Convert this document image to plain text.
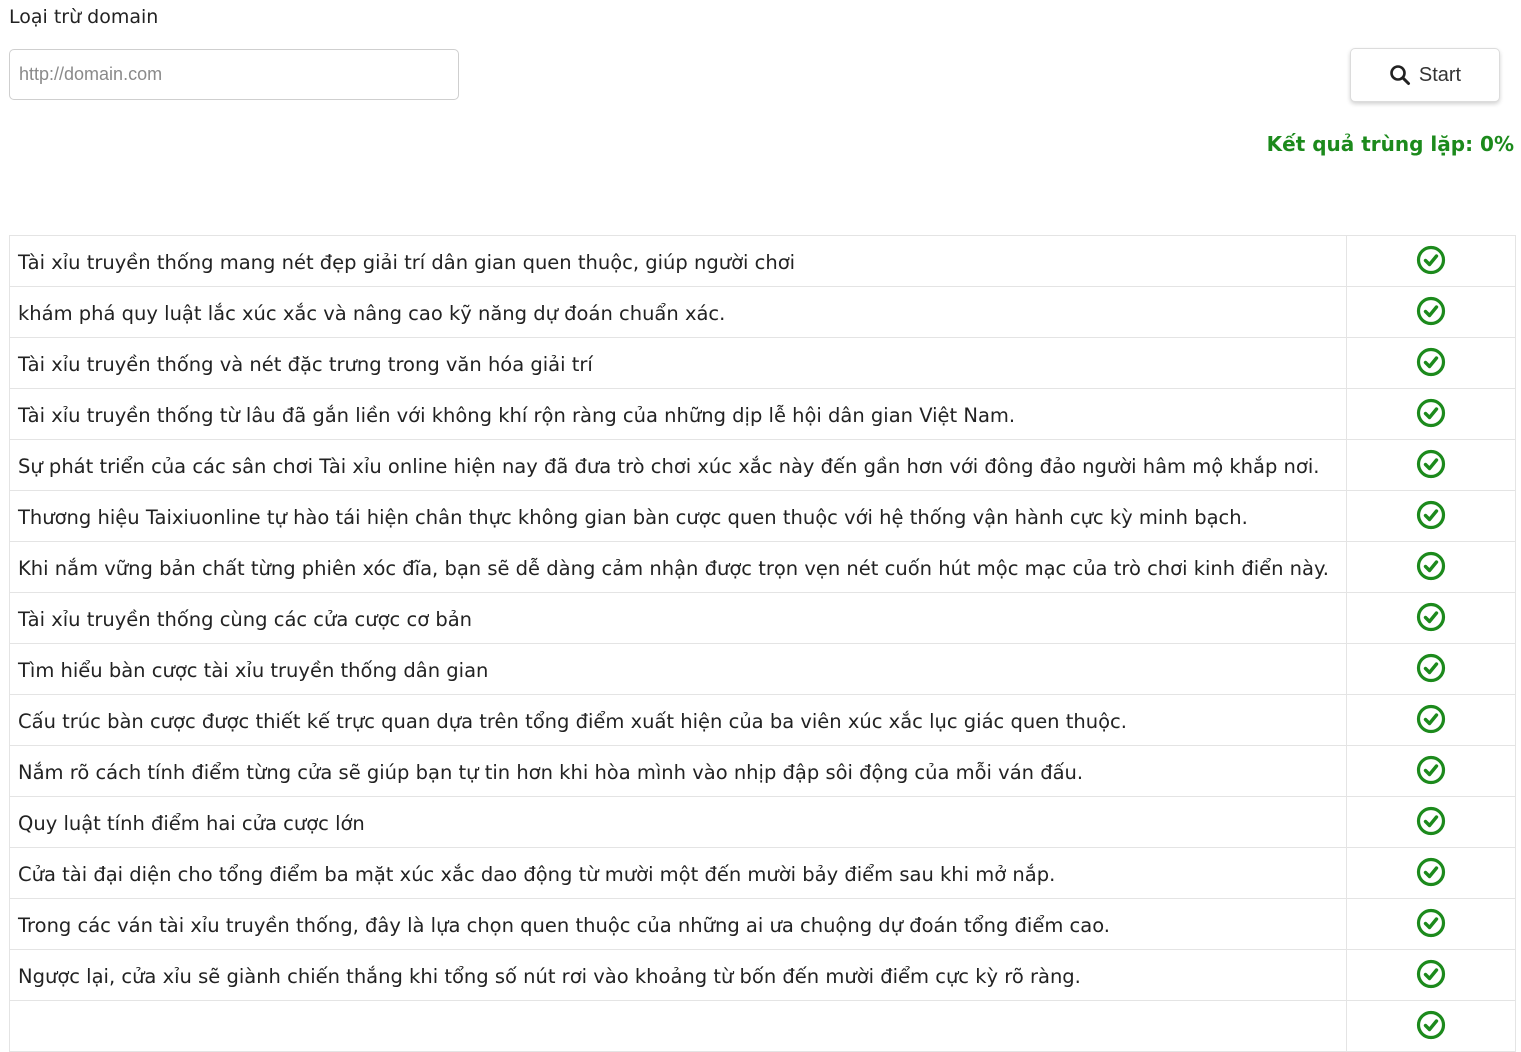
Loại trừ domain
http://domain.com
Start
Kết quả trùng lặp: 0%
Tài xỉu truyền thống mang nét đẹp giải trí dân gian quen thuộc, giúp người chơi	
khám phá quy luật lắc xúc xắc và nâng cao kỹ năng dự đoán chuẩn xác.	
Tài xỉu truyền thống và nét đặc trưng trong văn hóa giải trí	
Tài xỉu truyền thống từ lâu đã gắn liền với không khí rộn ràng của những dịp lễ hội dân gian Việt Nam.	
Sự phát triển của các sân chơi Tài xỉu online hiện nay đã đưa trò chơi xúc xắc này đến gần hơn với đông đảo người hâm mộ khắp nơi.	
Thương hiệu Taixiuonline tự hào tái hiện chân thực không gian bàn cược quen thuộc với hệ thống vận hành cực kỳ minh bạch.	
Khi nắm vững bản chất từng phiên xóc đĩa, bạn sẽ dễ dàng cảm nhận được trọn vẹn nét cuốn hút mộc mạc của trò chơi kinh điển này.	
Tài xỉu truyền thống cùng các cửa cược cơ bản	
Tìm hiểu bàn cược tài xỉu truyền thống dân gian	
Cấu trúc bàn cược được thiết kế trực quan dựa trên tổng điểm xuất hiện của ba viên xúc xắc lục giác quen thuộc.	
Nắm rõ cách tính điểm từng cửa sẽ giúp bạn tự tin hơn khi hòa mình vào nhịp đập sôi động của mỗi ván đấu.	
Quy luật tính điểm hai cửa cược lớn	
Cửa tài đại diện cho tổng điểm ba mặt xúc xắc dao động từ mười một đến mười bảy điểm sau khi mở nắp.	
Trong các ván tài xỉu truyền thống, đây là lựa chọn quen thuộc của những ai ưa chuộng dự đoán tổng điểm cao.	
Ngược lại, cửa xỉu sẽ giành chiến thắng khi tổng số nút rơi vào khoảng từ bốn đến mười điểm cực kỳ rõ ràng.	
